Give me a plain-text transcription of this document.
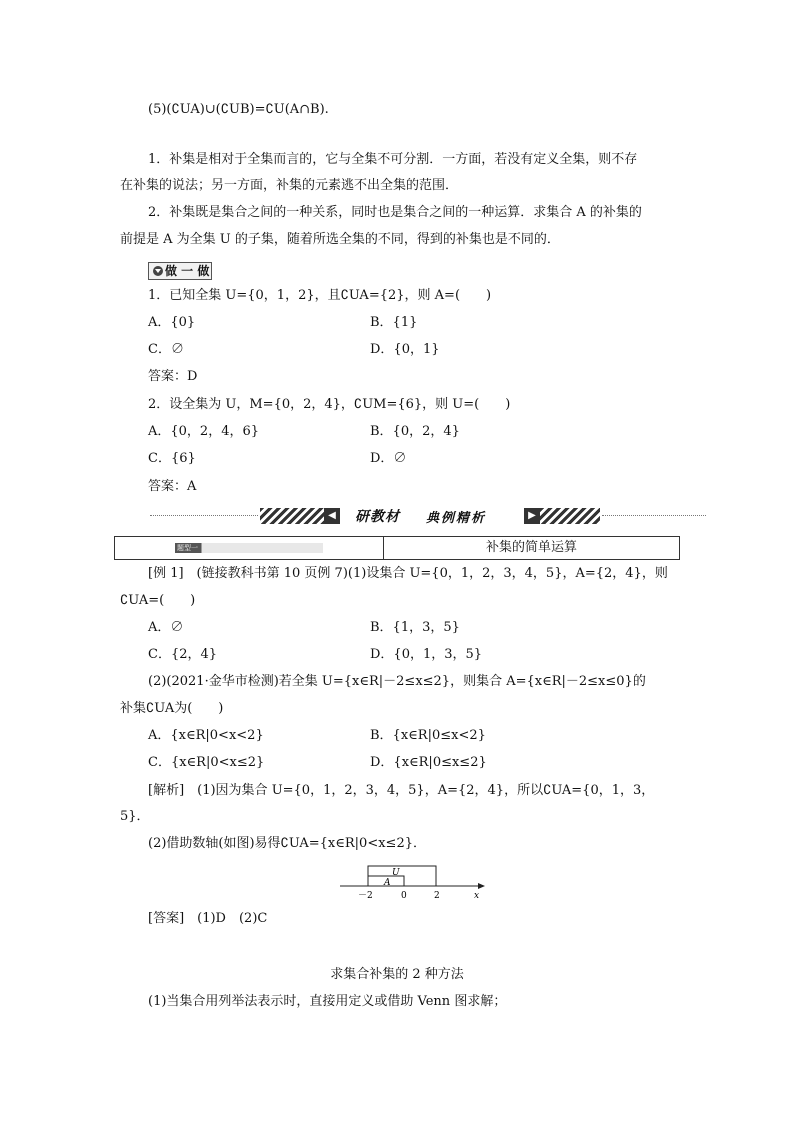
(5)(∁UA)∪(∁UB)=∁U(A∩B).
1．补集是相对于全集而言的，它与全集不可分割．一方面，若没有定义全集，则不存
在补集的说法；另一方面，补集的元素逃不出全集的范围．
2．补集既是集合之间的一种关系，同时也是集合之间的一种运算．求集合 A 的补集的
前提是 A 为全集 U 的子集，随着所选全集的不同，得到的补集也是不同的．
做 一 做
1．已知全集 U={0，1，2}，且∁UA={2}，则 A=(　　)
A．{0}	B．{1}
C．∅	D．{0，1}
答案：D
2．设全集为 U，M={0，2，4}，∁UM={6}，则 U=(　　)
A．{0，2，4，6}	B．{0，2，4}
C．{6}	D．∅
答案：A
◀ 研教材 典例精析	▶
题型一	补集的简单运算
[例 1]　(链接教科书第 10 页例 7)(1)设集合 U={0，1，2，3，4，5}，A={2，4}，则
∁UA=(　　)
A．∅	B．{1，3，5}
C．{2，4}	D．{0，1，3，5}
(2)(2021·金华市检测)若全集 U={x∈R|－2≤x≤2}，则集合 A={x∈R|－2≤x≤0}的
补集∁UA为(　　)
A．{x∈R|0<x<2}	B．{x∈R|0≤x<2}
C．{x∈R|0<x≤2}	D．{x∈R|0≤x≤2}
[解析]　(1)因为集合 U={0，1，2，3，4，5}，A={2，4}，所以∁UA={0，1，3，
5}．
(2)借助数轴(如图)易得∁UA={x∈R|0<x≤2}．
U
A
－2	0	2	x
[答案]　(1)D　(2)C
求集合补集的 2 种方法
(1)当集合用列举法表示时，直接用定义或借助 Venn 图求解；
